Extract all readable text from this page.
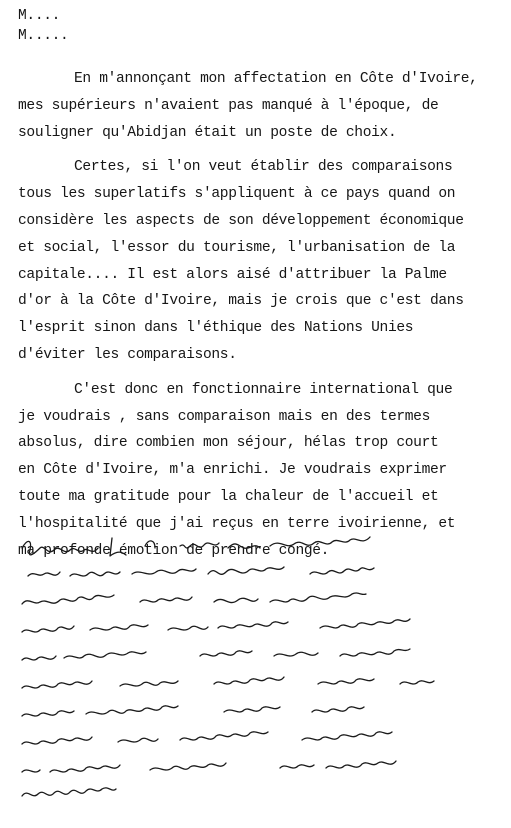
M....
M.....
En m'annonçant mon affectation en Côte d'Ivoire,
mes supérieurs n'avaient pas manqué à l'époque, de
souligner qu'Abidjan était un poste de choix.
Certes, si l'on veut établir des comparaisons
tous les superlatifs s'appliquent à ce pays quand on
considère les aspects de son développement économique
et social, l'essor du tourisme, l'urbanisation de la
capitale.... Il est alors aisé d'attribuer la Palme
d'or à la Côte d'Ivoire, mais je crois que c'est dans
l'esprit sinon dans l'éthique des Nations Unies
d'éviter les comparaisons.
C'est donc en fonctionnaire international que
je voudrais , sans comparaison mais en des termes
absolus, dire combien mon séjour, hélas trop court
en Côte d'Ivoire, m'a enrichi. Je voudrais exprimer
toute ma gratitude pour la chaleur de l'accueil et
l'hospitalité que j'ai reçus en terre ivoirienne, et
ma profonde émotion de prendre congé.
